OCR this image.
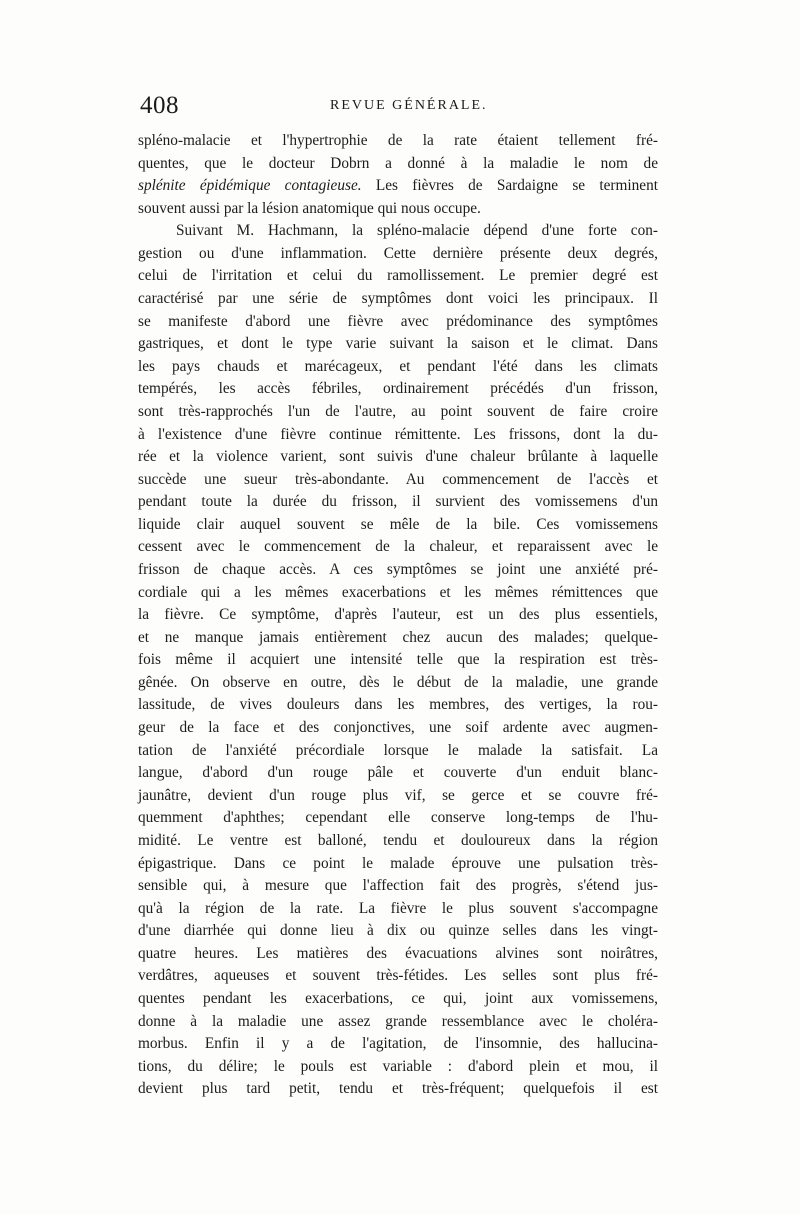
408	REVUE GÉNÉRALE.
spléno-malacie et l'hypertrophie de la rate étaient tellement fré-
quentes, que le docteur Dobrn a donné à la maladie le nom de
splénite épidémique contagieuse. Les fièvres de Sardaigne se terminent
souvent aussi par la lésion anatomique qui nous occupe.
Suivant M. Hachmann, la spléno-malacie dépend d'une forte con-
gestion ou d'une inflammation. Cette dernière présente deux degrés,
celui de l'irritation et celui du ramollissement. Le premier degré est
caractérisé par une série de symptômes dont voici les principaux. Il
se manifeste d'abord une fièvre avec prédominance des symptômes
gastriques, et dont le type varie suivant la saison et le climat. Dans
les pays chauds et marécageux, et pendant l'été dans les climats
tempérés, les accès fébriles, ordinairement précédés d'un frisson,
sont très-rapprochés l'un de l'autre, au point souvent de faire croire
à l'existence d'une fièvre continue rémittente. Les frissons, dont la du-
rée et la violence varient, sont suivis d'une chaleur brûlante à laquelle
succède une sueur très-abondante. Au commencement de l'accès et
pendant toute la durée du frisson, il survient des vomissemens d'un
liquide clair auquel souvent se mêle de la bile. Ces vomissemens
cessent avec le commencement de la chaleur, et reparaissent avec le
frisson de chaque accès. A ces symptômes se joint une anxiété pré-
cordiale qui a les mêmes exacerbations et les mêmes rémittences que
la fièvre. Ce symptôme, d'après l'auteur, est un des plus essentiels,
et ne manque jamais entièrement chez aucun des malades; quelque-
fois même il acquiert une intensité telle que la respiration est très-
gênée. On observe en outre, dès le début de la maladie, une grande
lassitude, de vives douleurs dans les membres, des vertiges, la rou-
geur de la face et des conjonctives, une soif ardente avec augmen-
tation de l'anxiété précordiale lorsque le malade la satisfait. La
langue, d'abord d'un rouge pâle et couverte d'un enduit blanc-
jaunâtre, devient d'un rouge plus vif, se gerce et se couvre fré-
quemment d'aphthes; cependant elle conserve long-temps de l'hu-
midité. Le ventre est balloné, tendu et douloureux dans la région
épigastrique. Dans ce point le malade éprouve une pulsation très-
sensible qui, à mesure que l'affection fait des progrès, s'étend jus-
qu'à la région de la rate. La fièvre le plus souvent s'accompagne
d'une diarrhée qui donne lieu à dix ou quinze selles dans les vingt-
quatre heures. Les matières des évacuations alvines sont noirâtres,
verdâtres, aqueuses et souvent très-fétides. Les selles sont plus fré-
quentes pendant les exacerbations, ce qui, joint aux vomissemens,
donne à la maladie une assez grande ressemblance avec le choléra-
morbus. Enfin il y a de l'agitation, de l'insomnie, des hallucina-
tions, du délire; le pouls est variable : d'abord plein et mou, il
devient plus tard petit, tendu et très-fréquent; quelquefois il est
